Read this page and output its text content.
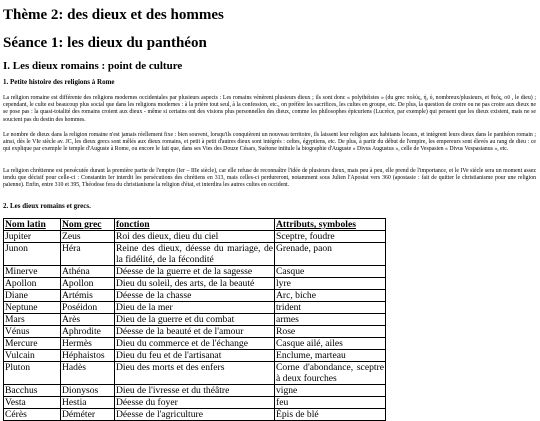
Thème 2: des dieux et des hommes
Séance 1: les dieux du panthéon
I. Les dieux romains : point de culture
1. Petite histoire des religions à Rome

La religion romaine est différente des religions modernes occidentales par plusieurs aspects : Les romains vénèrent plusieurs dieux ; ils sont donc « polythéistes » (du grec πολύς, ή, ύ, nombreux/plusieurs, et θεός, οῦ , le dieu) ; cependant, le culte est beaucoup plus social que dans les religions modernes : à la prière tout seul, à la confession, etc., on préfère les sacrifices, les cultes en groupe, etc. De plus, la question de croire ou ne pas croire aux dieux ne se pose pas : la quasi-totalité des romains croient aux dieux - même si certains ont des visions plus personnelles des dieux, comme les philosophes épicuriens (Lucrèce, par exemple) qui pensent que les dieux existent, mais ne se soucient pas du destin des hommes.

Le nombre de dieux dans la religion romaine n'est jamais réellement fixe : bien souvent, lorsqu'ils conquièrent un nouveau territoire, ils laissent leur religion aux habitants locaux, et intègrent leurs dieux dans le panthéon romain ; ainsi, dès le VIe siècle av. JC, les dieux grecs sont mêlés aux dieux romains, et petit à petit d'autres dieux sont intégrés : celtes, égyptiens, etc. De plus, à partir du début de l'empire, les empereurs sont élevés au rang de dieu : ce qui explique par exemple le temple d'Auguste à Rome, ou encore le fait que, dans ses Vies des Douze Césars, Suétone intitule la biographie d'Auguste « Divus Augustus », celle de Vespasien « Divus Vespasianus », etc.

La religion chrétienne est persécutée durant la première partie de l'empire (Ier – IIIe siècle), car elle refuse de reconnaître l'idée de plusieurs dieux, mais peu à peu, elle prend de l'importance, et le IVe siècle sera un moment assez tendu que décisif pour celle-ci : Constantin Ier interdit les persécutions des chrétiens en 313, mais celles-ci perdureront, notamment sous Julien l'Apostat vers 360 (apostasie : fait de quitter le christianisme pour une religion païenne). Enfin, entre 310 et 395, Théodose fera du christianisme la religion d'état, et interdira les autres cultes en occident.

2. Les dieux romains et grecs.
Nom latin	Nom grec	fonction	Attributs, symboles
Jupiter	Zeus	Roi des dieux, dieu du ciel	Sceptre, foudre
Junon	Héra	Reine des dieux, déesse du mariage, de la fidélité, de la fécondité	Grenade, paon
Minerve	Athéna	Déesse de la guerre et de la sagesse	Casque
Apollon	Apollon	Dieu du soleil, des arts, de la beauté	lyre
Diane	Artémis	Déesse de la chasse	Arc, biche
Neptune	Poséidon	Dieu de la mer	trident
Mars	Arès	Dieu de la guerre et du combat	armes
Vénus	Aphrodite	Déesse de la beauté et de l'amour	Rose
Mercure	Hermès	Dieu du commerce et de l'échange	Casque ailé, ailes
Vulcain	Héphaistos	Dieu du feu et de l'artisanat	Enclume, marteau
Pluton	Hadès	Dieu des morts et des enfers	Corne d'abondance, sceptre à deux fourches
Bacchus	Dionysos	Dieu de l'ivresse et du théâtre	vigne
Vesta	Hestia	Déesse du foyer	feu
Cérès	Déméter	Déesse de l'agriculture	Épis de blé
